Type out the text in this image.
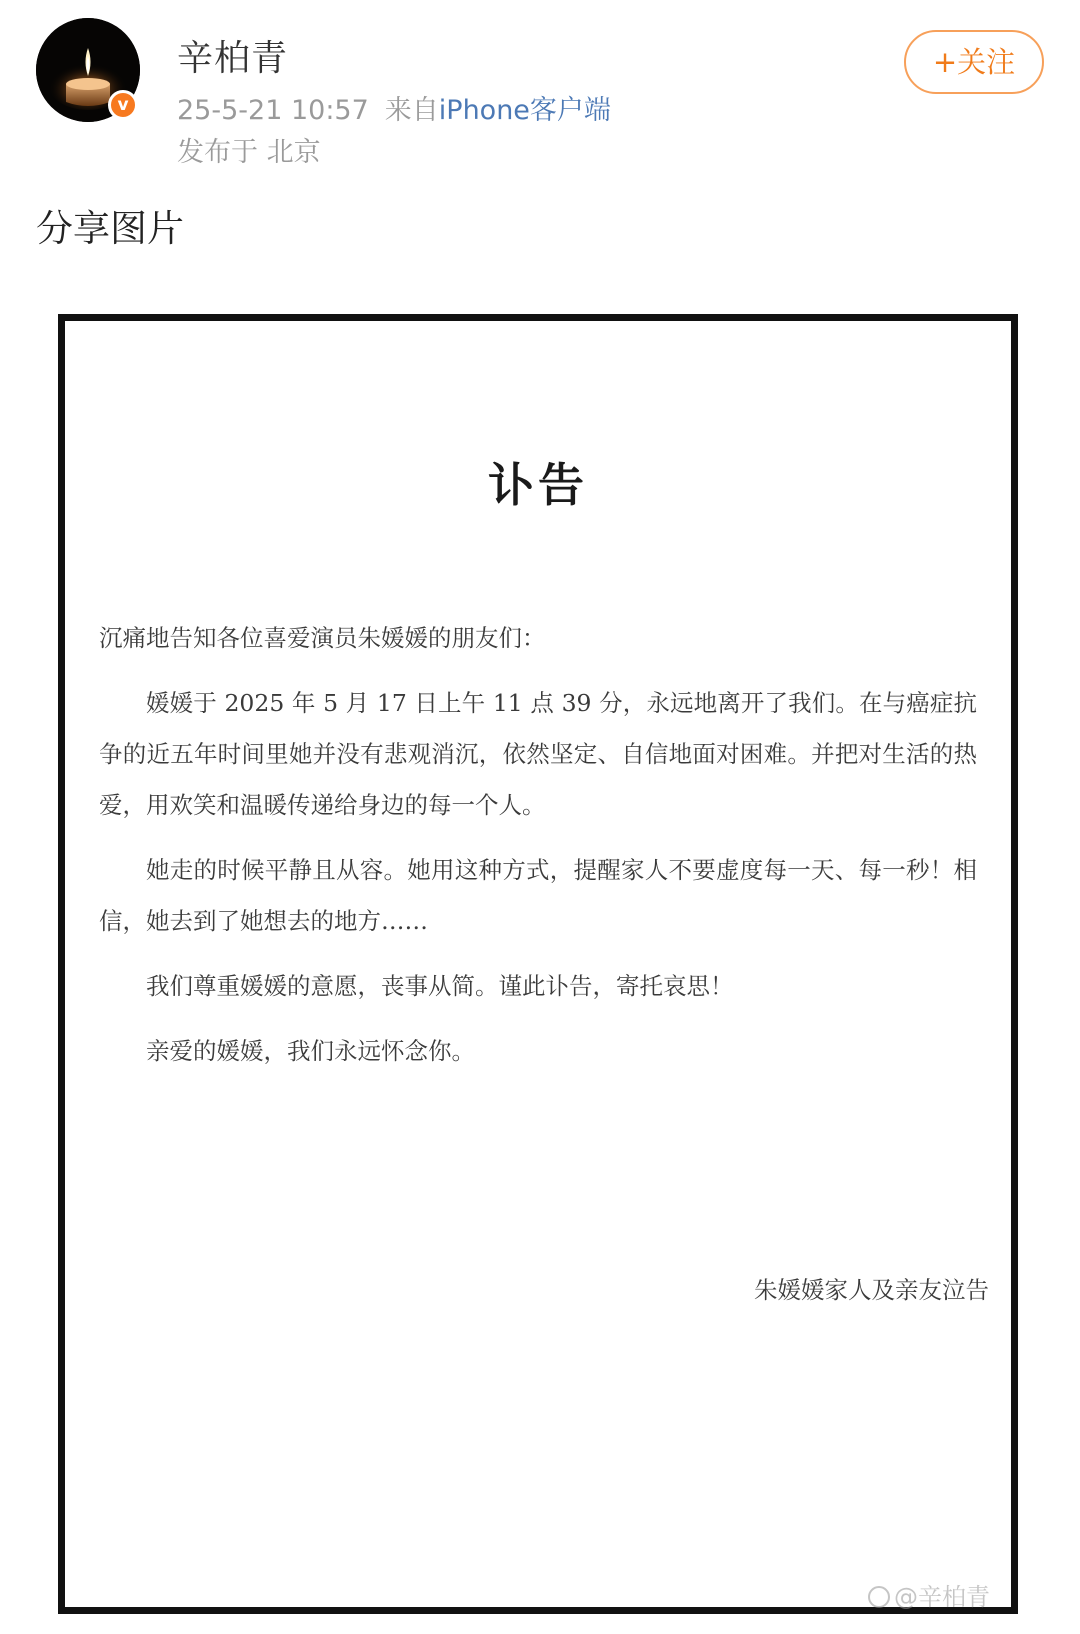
v
辛柏青
25-5-21 10:57 来自iPhone客户端
发布于 北京
+关注
分享图片
讣告

沉痛地告知各位喜爱演员朱媛媛的朋友们：

媛媛于 2025 年 5 月 17 日上午 11 点 39 分，永远地离开了我们。在与癌症抗争的近五年时间里她并没有悲观消沉，依然坚定、自信地面对困难。并把对生活的热爱，用欢笑和温暖传递给身边的每一个人。

她走的时候平静且从容。她用这种方式，提醒家人不要虚度每一天、每一秒！相信，她去到了她想去的地方……

我们尊重媛媛的意愿，丧事从简。谨此讣告，寄托哀思！

亲爱的媛媛，我们永远怀念你。

朱媛媛家人及亲友泣告
@辛柏青
